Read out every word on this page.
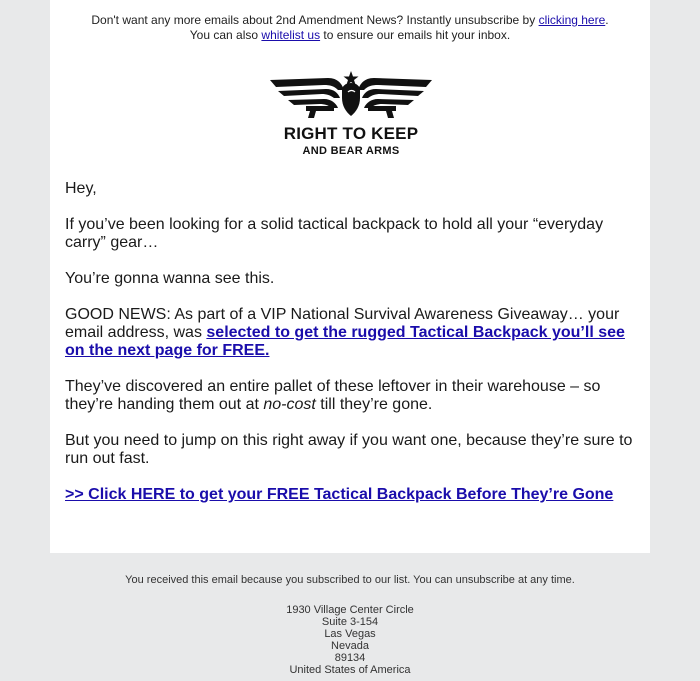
Don't want any more emails about 2nd Amendment News? Instantly unsubscribe by clicking here.
You can also whitelist us to ensure our emails hit your inbox.
RIGHT TO KEEP
AND BEAR ARMS

Hey,

If you’ve been looking for a solid tactical backpack to hold all your “everyday carry” gear…

You’re gonna wanna see this.

GOOD NEWS: As part of a VIP National Survival Awareness Giveaway… your email address, was selected to get the rugged Tactical Backpack you’ll see on the next page for FREE.

They’ve discovered an entire pallet of these leftover in their warehouse – so they’re handing them out at no-cost till they’re gone.

But you need to jump on this right away if you want one, because they’re sure to run out fast.

>> Click HERE to get your FREE Tactical Backpack Before They’re Gone

You received this email because you subscribed to our list. You can unsubscribe at any time.
1930 Village Center Circle
Suite 3-154
Las Vegas
Nevada
89134
United States of America
